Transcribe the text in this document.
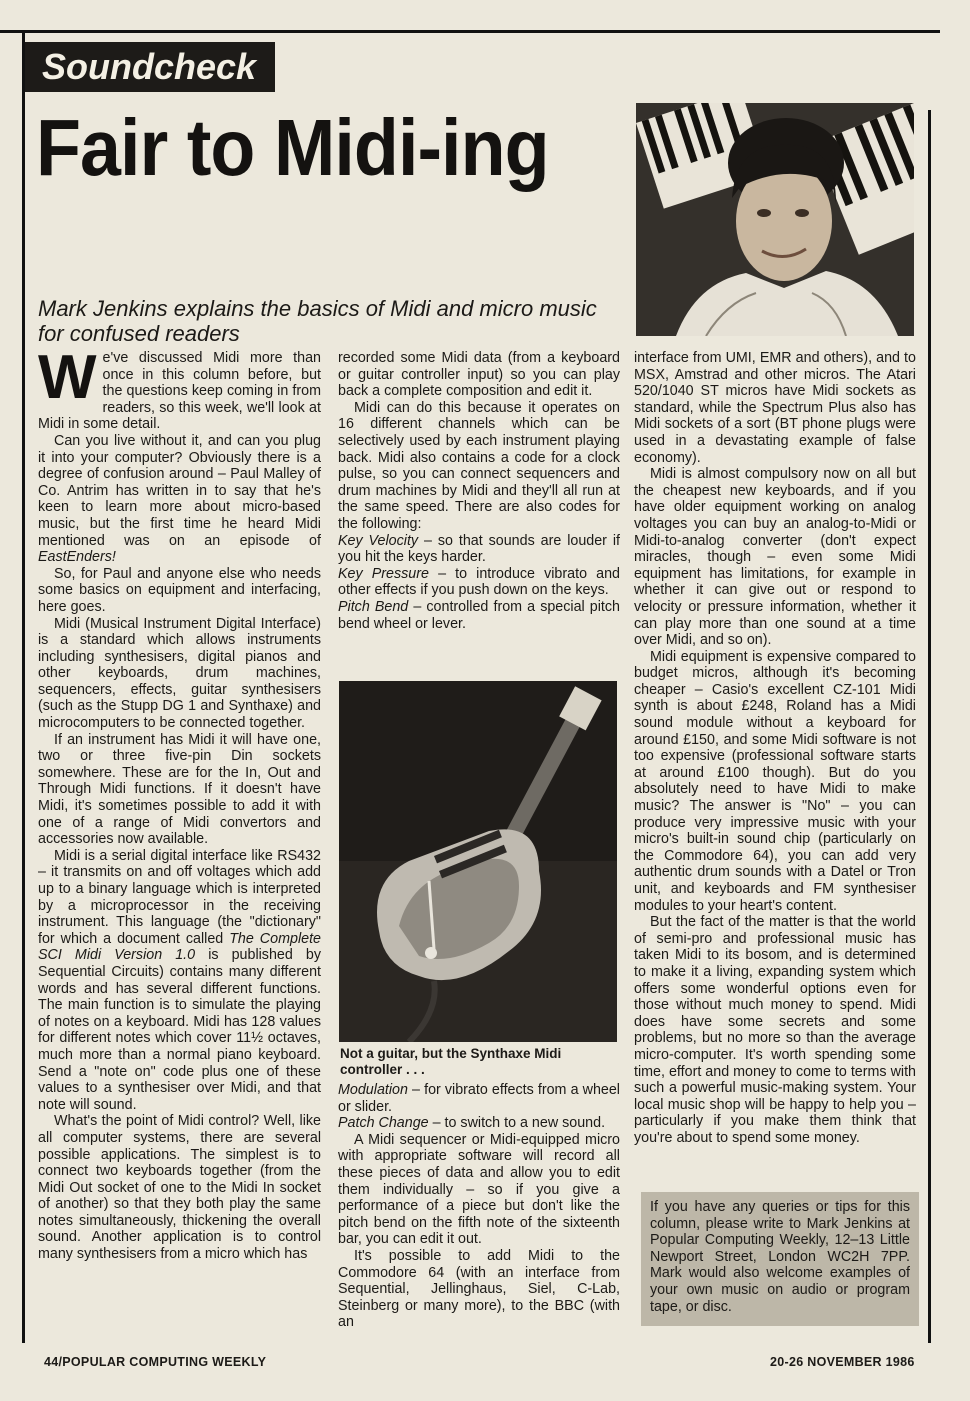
Soundcheck
Fair to Midi-ing

Mark Jenkins explains the basics of Midi and micro music for confused readers

We've discussed Midi more than once in this column before, but the questions keep coming in from readers, so this week, we'll look at Midi in some detail.

Can you live without it, and can you plug it into your computer? Obviously there is a degree of confusion around – Paul Malley of Co. Antrim has written in to say that he's keen to learn more about micro-based music, but the first time he heard Midi mentioned was on an episode of EastEnders!

So, for Paul and anyone else who needs some basics on equipment and interfacing, here goes.

Midi (Musical Instrument Digital Interface) is a standard which allows instruments including synthesisers, digital pianos and other keyboards, drum machines, sequencers, effects, guitar synthesisers (such as the Stupp DG 1 and Synthaxe) and microcomputers to be connected together.

If an instrument has Midi it will have one, two or three five-pin Din sockets somewhere. These are for the In, Out and Through Midi functions. If it doesn't have Midi, it's sometimes possible to add it with one of a range of Midi convertors and accessories now available.

Midi is a serial digital interface like RS432 – it transmits on and off voltages which add up to a binary language which is interpreted by a microprocessor in the receiving instrument. This language (the "dictionary" for which a document called The Complete SCI Midi Version 1.0 is published by Sequential Circuits) contains many different words and has several different functions. The main function is to simulate the playing of notes on a keyboard. Midi has 128 values for different notes which cover 11½ octaves, much more than a normal piano keyboard. Send a "note on" code plus one of these values to a synthesiser over Midi, and that note will sound.

What's the point of Midi control? Well, like all computer systems, there are several possible applications. The simplest is to connect two keyboards together (from the Midi Out socket of one to the Midi In socket of another) so that they both play the same notes simultaneously, thickening the overall sound. Another application is to control many synthesisers from a micro which has

recorded some Midi data (from a keyboard or guitar controller input) so you can play back a complete composition and edit it.

Midi can do this because it operates on 16 different channels which can be selectively used by each instrument playing back. Midi also contains a code for a clock pulse, so you can connect sequencers and drum machines by Midi and they'll all run at the same speed. There are also codes for the following:

Key Velocity – so that sounds are louder if you hit the keys harder.

Key Pressure – to introduce vibrato and other effects if you push down on the keys.

Pitch Bend – controlled from a special pitch bend wheel or lever.

Not a guitar, but the Synthaxe Midi controller . . .

Modulation – for vibrato effects from a wheel or slider.

Patch Change – to switch to a new sound.

A Midi sequencer or Midi-equipped micro with appropriate software will record all these pieces of data and allow you to edit them individually – so if you give a performance of a piece but don't like the pitch bend on the fifth note of the sixteenth bar, you can edit it out.

It's possible to add Midi to the Commodore 64 (with an interface from Sequential, Jellinghaus, Siel, C-Lab, Steinberg or many more), to the BBC (with an

interface from UMI, EMR and others), and to MSX, Amstrad and other micros. The Atari 520/1040 ST micros have Midi sockets as standard, while the Spectrum Plus also has Midi sockets of a sort (BT phone plugs were used in a devastating example of false economy).

Midi is almost compulsory now on all but the cheapest new keyboards, and if you have older equipment working on analog voltages you can buy an analog-to-Midi or Midi-to-analog converter (don't expect miracles, though – even some Midi equipment has limitations, for example in whether it can give out or respond to velocity or pressure information, whether it can play more than one sound at a time over Midi, and so on).

Midi equipment is expensive compared to budget micros, although it's becoming cheaper – Casio's excellent CZ-101 Midi synth is about £248, Roland has a Midi sound module without a keyboard for around £150, and some Midi software is not too expensive (professional software starts at around £100 though). But do you absolutely need to have Midi to make music? The answer is "No" – you can produce very impressive music with your micro's built-in sound chip (particularly on the Commodore 64), you can add very authentic drum sounds with a Datel or Tron unit, and keyboards and FM synthesiser modules to your heart's content.

But the fact of the matter is that the world of semi-pro and professional music has taken Midi to its bosom, and is determined to make it a living, expanding system which offers some wonderful options even for those without much money to spend. Midi does have some secrets and some problems, but no more so than the average micro-computer. It's worth spending some time, effort and money to come to terms with such a powerful music-making system. Your local music shop will be happy to help you – particularly if you make them think that you're about to spend some money.

If you have any queries or tips for this column, please write to Mark Jenkins at Popular Computing Weekly, 12–13 Little Newport Street, London WC2H 7PP. Mark would also welcome examples of your own music on audio or program tape, or disc.
44/POPULAR COMPUTING WEEKLY	20-26 NOVEMBER 1986
